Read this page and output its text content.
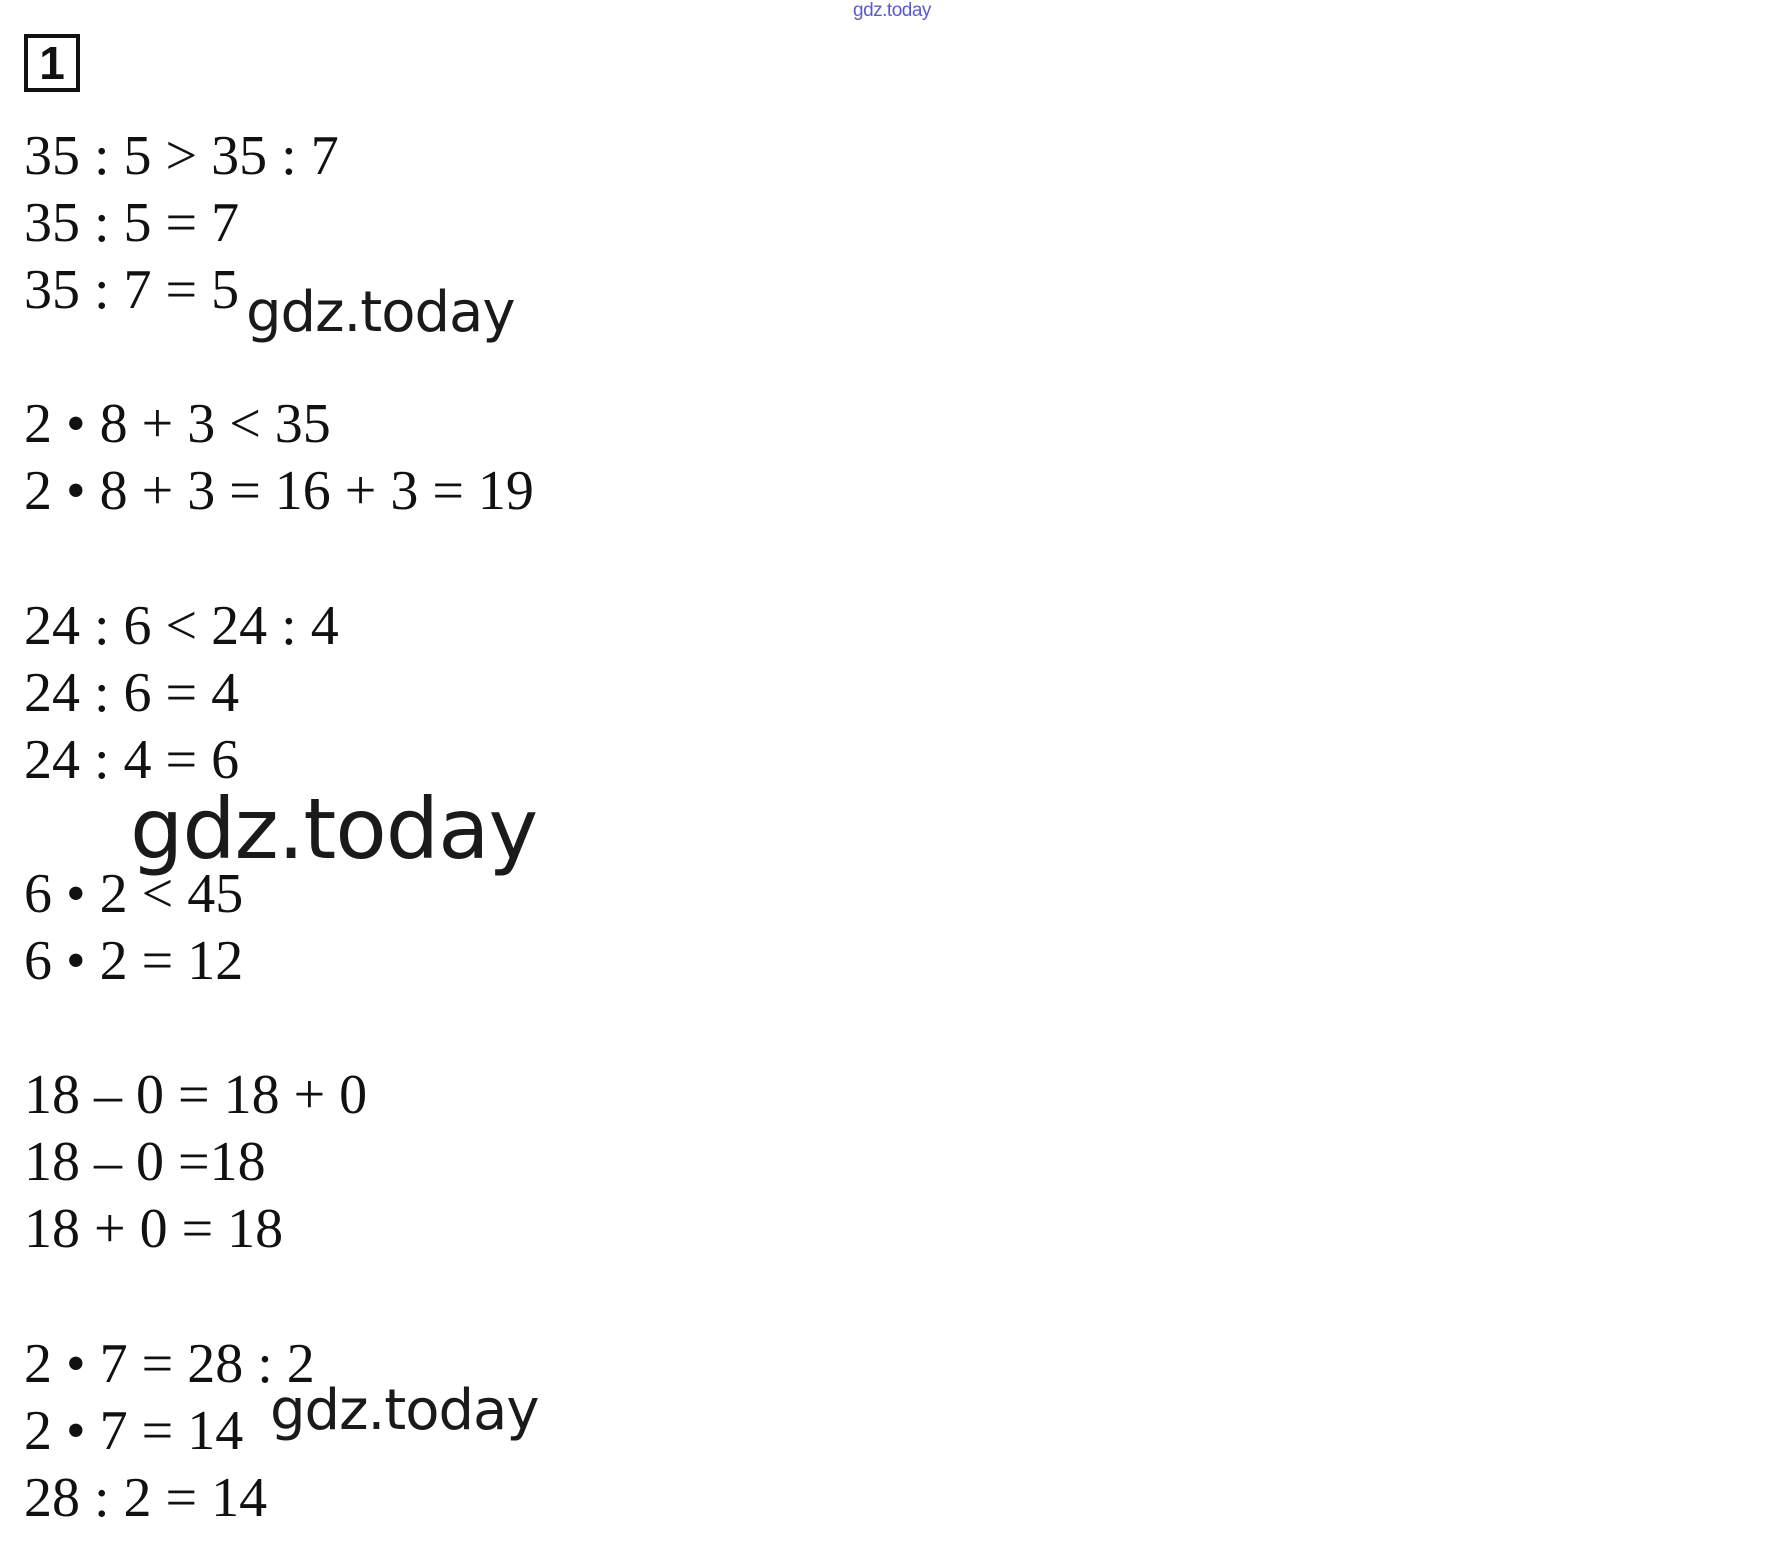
gdz.today
1
35 : 5 > 35 : 7
35 : 5 = 7
35 : 7 = 5
2 • 8 + 3 < 35
2 • 8 + 3 = 16 + 3 = 19
24 : 6 < 24 : 4
24 : 6 = 4
24 : 4 = 6
6 • 2 < 45
6 • 2 = 12
18 – 0 = 18 + 0
18 – 0 =18
18 + 0 = 18
2 • 7 = 28 : 2
2 • 7 = 14
28 : 2 = 14
gdz.today
gdz.today
gdz.today
